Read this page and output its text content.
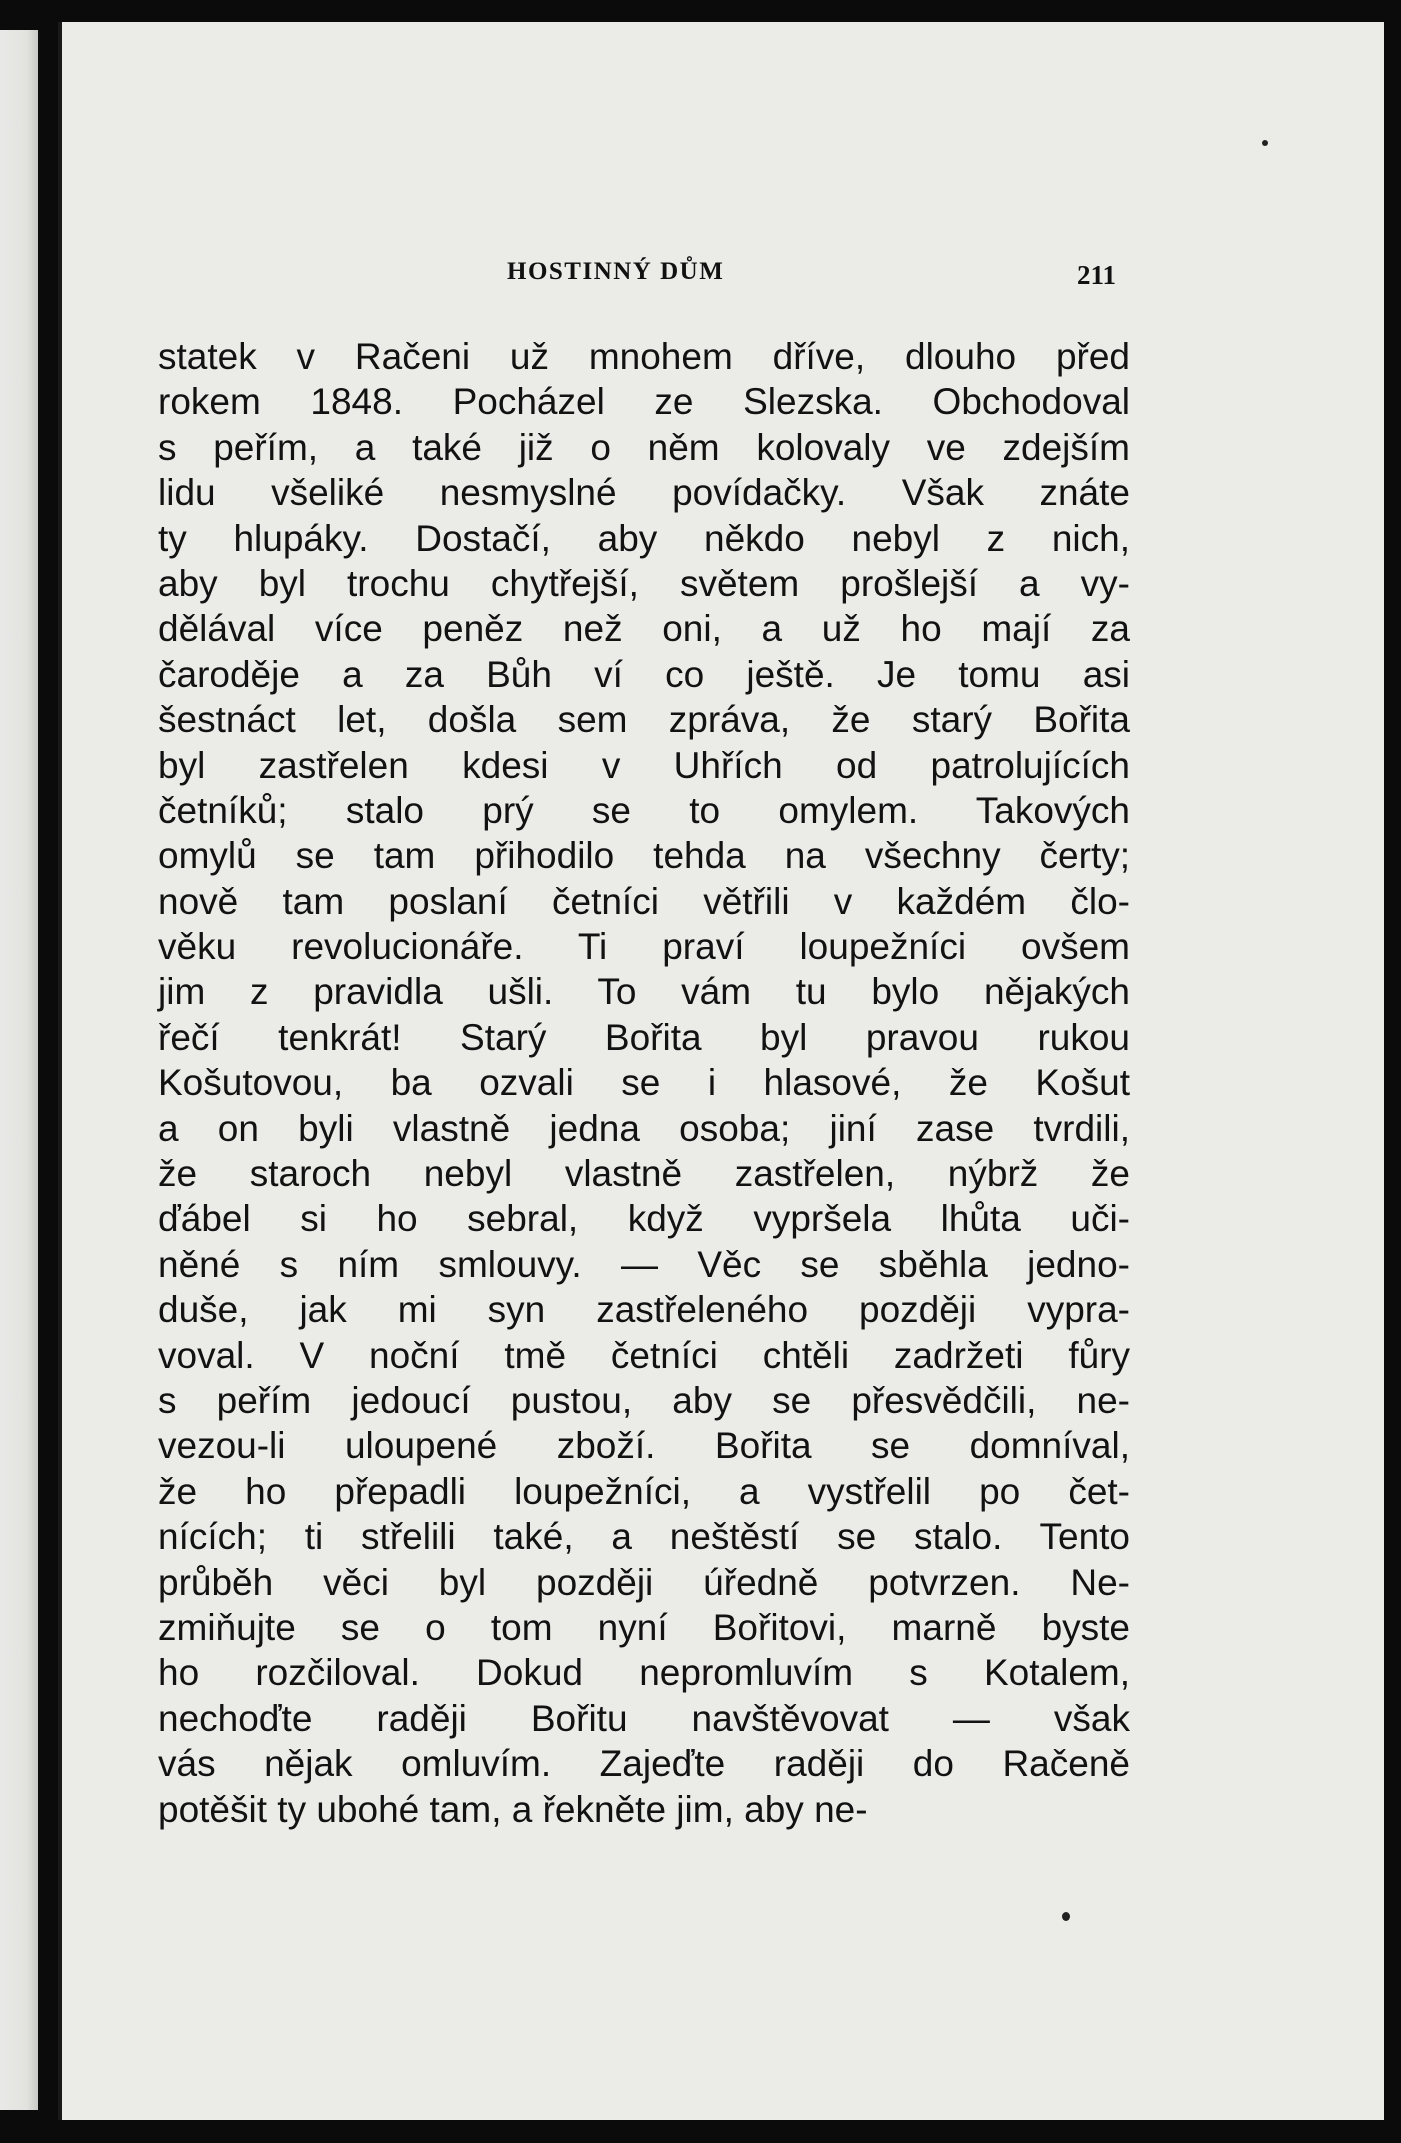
HOSTINNÝ DŮM	211
statek v Račeni už mnohem dříve, dlouho před
rokem 1848. Pocházel ze Slezska. Obchodoval
s peřím, a také již o něm kolovaly ve zdejším
lidu všeliké nesmyslné povídačky. Však znáte
ty hlupáky. Dostačí, aby někdo nebyl z nich,
aby byl trochu chytřejší, světem prošlejší a vy-
dělával více peněz než oni, a už ho mají za
čaroděje a za Bůh ví co ještě. Je tomu asi
šestnáct let, došla sem zpráva, že starý Bořita
byl zastřelen kdesi v Uhřích od patrolujících
četníků; stalo prý se to omylem. Takových
omylů se tam přihodilo tehda na všechny čerty;
nově tam poslaní četníci větřili v každém člo-
věku revolucionáře. Ti praví loupežníci ovšem
jim z pravidla ušli. To vám tu bylo nějakých
řečí tenkrát! Starý Bořita byl pravou rukou
Košutovou, ba ozvali se i hlasové, že Košut
a on byli vlastně jedna osoba; jiní zase tvrdili,
že staroch nebyl vlastně zastřelen, nýbrž že
ďábel si ho sebral, když vypršela lhůta uči-
něné s ním smlouvy. — Věc se sběhla jedno-
duše, jak mi syn zastřeleného později vypra-
voval. V noční tmě četníci chtěli zadržeti fůry
s peřím jedoucí pustou, aby se přesvědčili, ne-
vezou-li uloupené zboží. Bořita se domníval,
že ho přepadli loupežníci, a vystřelil po čet-
nících; ti střelili také, a neštěstí se stalo. Tento
průběh věci byl později úředně potvrzen. Ne-
zmiňujte se o tom nyní Bořitovi, marně byste
ho rozčiloval. Dokud nepromluvím s Kotalem,
nechoďte raději Bořitu navštěvovat — však
vás nějak omluvím. Zajeďte raději do Račeně
potěšit ty ubohé tam, a řekněte jim, aby ne-
